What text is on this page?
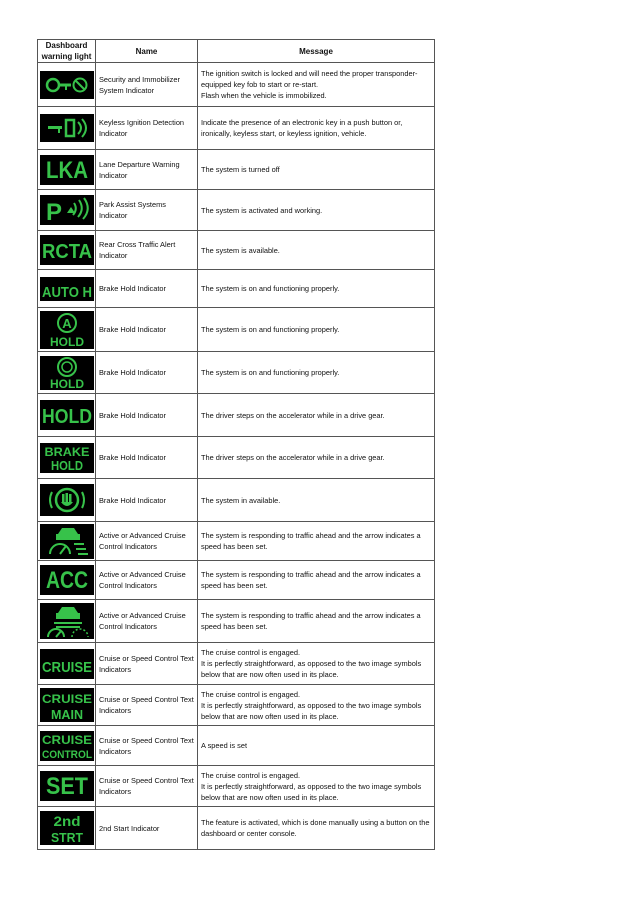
Dashboard
warning light	Name	Message

	Security and Immobilizer System Indicator	The ignition switch is locked and will need the proper transponder-equipped key fob to start or re-start.
Flash when the vehicle is immobilized.

	Keyless Ignition Detection Indicator	Indicate the presence of an electronic key in a push button or, ironically, keyless start, or keyless ignition, vehicle.

LKA	Lane Departure Warning Indicator	The system is turned off

P	Park Assist Systems Indicator	The system is activated and working.

RCTA	Rear Cross Traffic Alert Indicator	The system is available.

AUTO H	Brake Hold Indicator	The system is on and functioning properly.

A
HOLD	Brake Hold Indicator	The system is on and functioning properly.

HOLD	Brake Hold Indicator	The system is on and functioning properly.

HOLD	Brake Hold Indicator	The driver steps on the accelerator while in a drive gear.

BRAKE
HOLD	Brake Hold Indicator	The driver steps on the accelerator while in a drive gear.

	Brake Hold Indicator	The system in available.

	Active or Advanced Cruise Control Indicators	The system is responding to traffic ahead and the arrow indicates a speed has been set.

ACC	Active or Advanced Cruise Control Indicators	The system is responding to traffic ahead and the arrow indicates a speed has been set.

	Active or Advanced Cruise Control Indicators	The system is responding to traffic ahead and the arrow indicates a speed has been set.

CRUISE	Cruise or Speed Control Text Indicators	The cruise control is engaged.
It is perfectly straightforward, as opposed to the two image symbols below that are now often used in its place.

CRUISE
MAIN	Cruise or Speed Control Text Indicators	The cruise control is engaged.
It is perfectly straightforward, as opposed to the two image symbols below that are now often used in its place.

CRUISE
CONTROL	Cruise or Speed Control Text Indicators	A speed is set

SET	Cruise or Speed Control Text Indicators	The cruise control is engaged.
It is perfectly straightforward, as opposed to the two image symbols below that are now often used in its place.

2nd
STRT	2nd Start Indicator	The feature is activated, which is done manually using a button on the dashboard or center console.
